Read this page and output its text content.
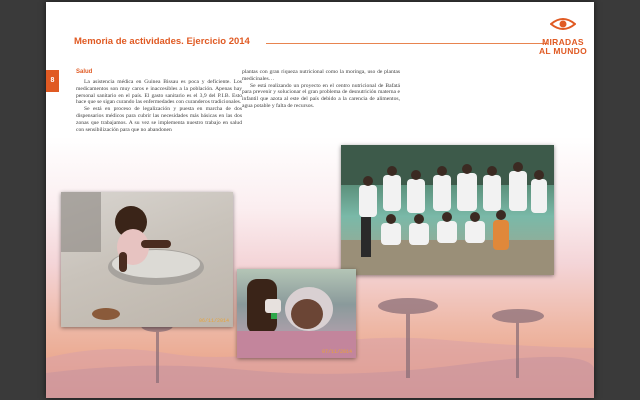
Memoria de actividades. Ejercicio 2014	MIRADAS
AL MUNDO
8
Salud

La asistencia médica en Guinea Bissau es poca y deficiente. Los medicamentos son muy caros e inaccesibles a la población. Apenas hay personal sanitario en el país. El gasto sanitario es el 3,9 del P.I.B. Esto hace que se sigan curando las enfermedades con curanderos tradicionales.

Se está en proceso de legalización y puesta en marcha de dos dispensarios médicos para cubrir las necesidades más básicas en las dos zonas que trabajamos. A su vez se implementa nuestro trabajo en salud con sensibilización para que no abandonen

plantas con gran riqueza nutricional como la moringa, uso de plantas medicinales…

Se está realizando un proyecto en el centro nutricional de Bafatá para prevenir y solucionar el gran problema de desnutrición materna e infantil que azota al este del país debido a la carencia de alimentos, agua potable y falta de recursos.

06/11/2014
07/11/2014
